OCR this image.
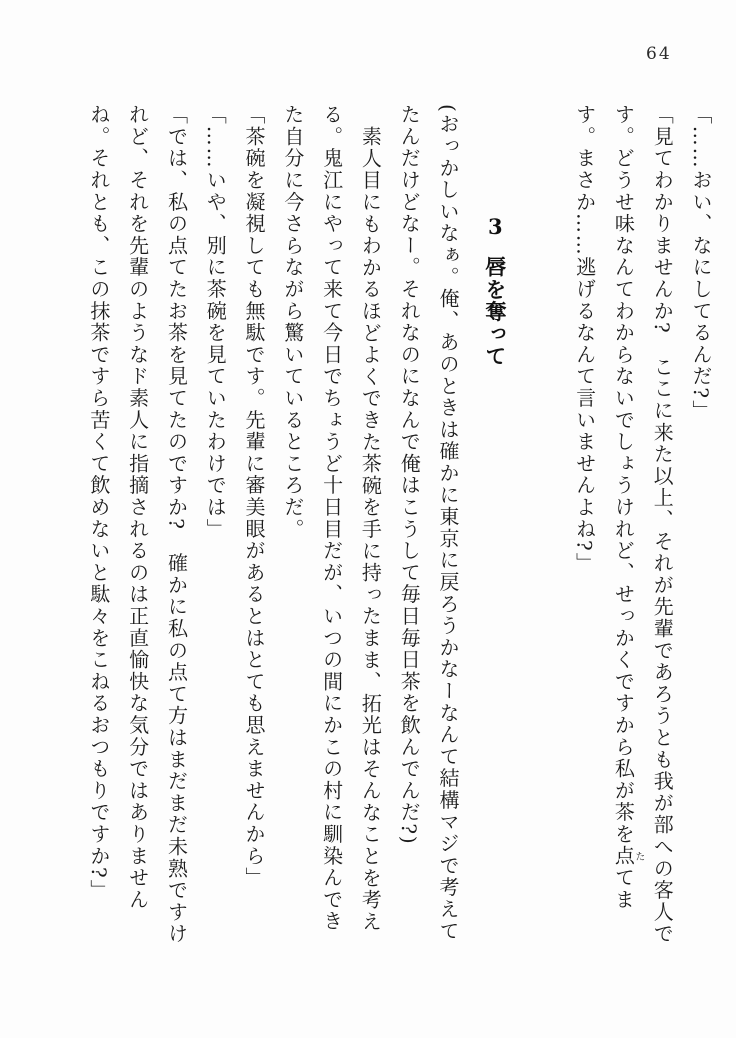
64

「……おい、なにしてるんだ?」

「見てわかりませんか?　ここに来た以上、それが先輩であろうとも我が部への客人です。どうせ味なんてわからないでしょうけれど、せっかくですから私が茶を点たてます。まさか……逃げるなんて言いませんよね?」

3唇を奪って

(おっかしいなぁ。俺、あのときは確かに東京に戻ろうかなーなんて結構マジで考えてたんだけどなー。それなのになんで俺はこうして毎日毎日茶を飲んでんだ?)

素人目にもわかるほどよくできた茶碗を手に持ったまま、拓光はそんなことを考える。鬼江にやって来て今日でちょうど十日目だが、いつの間にかこの村に馴染んできた自分に今さらながら驚いているところだ。

「茶碗を凝視しても無駄です。先輩に審美眼があるとはとても思えませんから」

「……いや、別に茶碗を見ていたわけでは」

「では、私の点てたお茶を見てたのですか?　確かに私の点て方はまだまだ未熟ですけれど、それを先輩のようなド素人に指摘されるのは正直愉快な気分ではありませんね。それとも、この抹茶ですら苦くて飲めないと駄々をこねるおつもりですか?」
